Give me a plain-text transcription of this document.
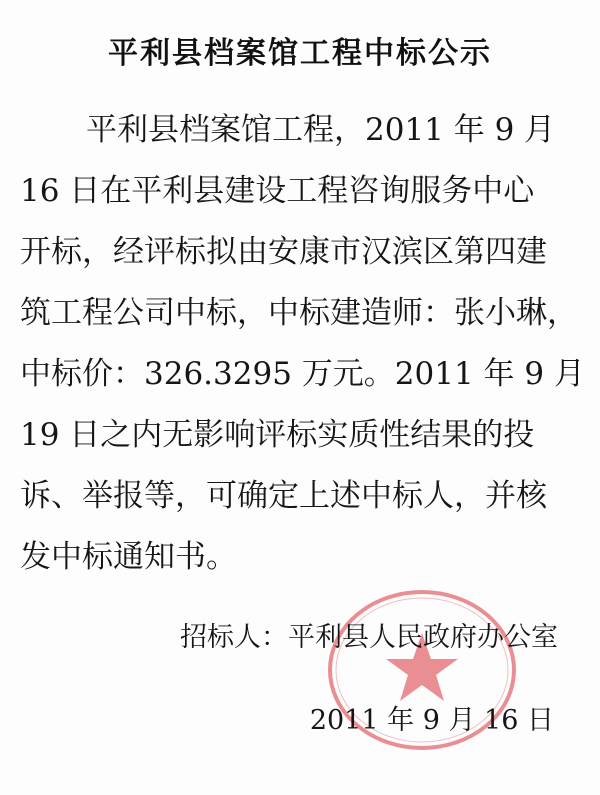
平利县档案馆工程中标公示
平利县档案馆工程，2011 年 9 月
16 日在平利县建设工程咨询服务中心
开标，经评标拟由安康市汉滨区第四建
筑工程公司中标，中标建造师：张小琳，
中标价：326.3295 万元。2011 年 9 月
19 日之内无影响评标实质性结果的投
诉、举报等，可确定上述中标人，并核
发中标通知书。
招标人：平利县人民政府办公室
2011 年 9 月 16 日
